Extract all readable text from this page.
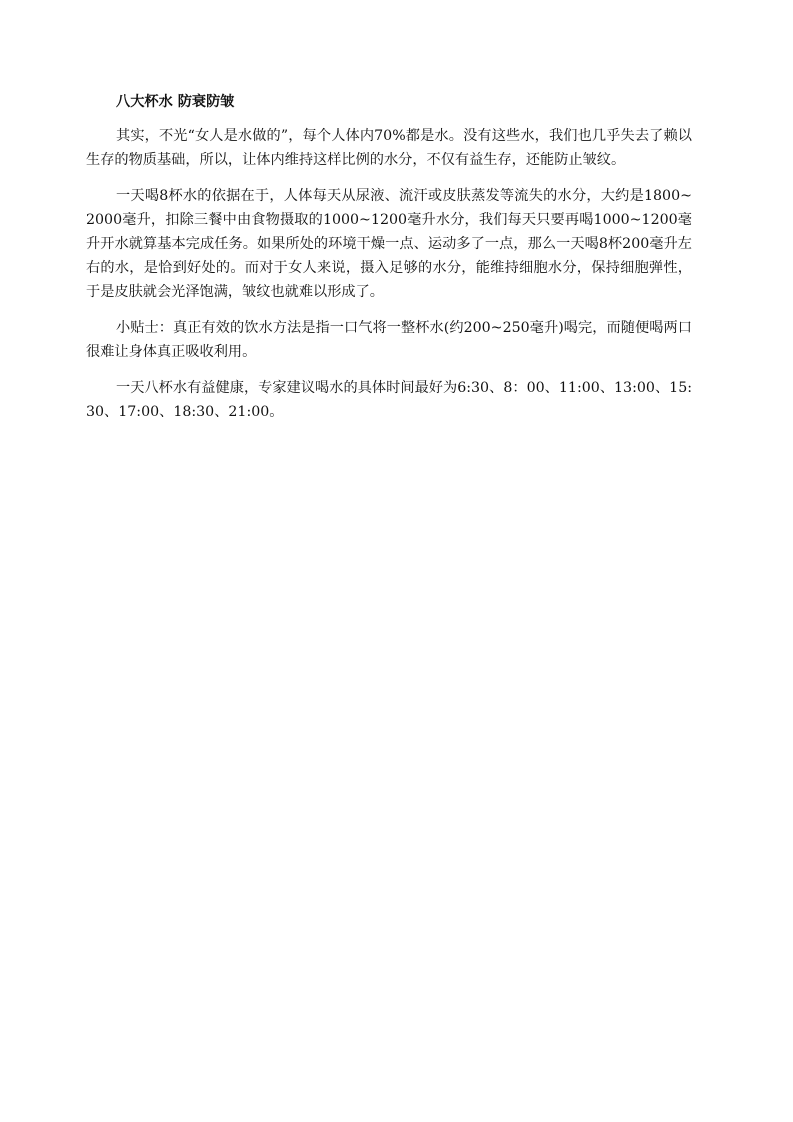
八大杯水 防衰防皱

其实，不光“女人是水做的”，每个人体内70%都是水。没有这些水，我们也几乎失去了赖以生存的物质基础，所以，让体内维持这样比例的水分，不仅有益生存，还能防止皱纹。

一天喝8杯水的依据在于，人体每天从尿液、流汗或皮肤蒸发等流失的水分，大约是1800~2000毫升，扣除三餐中由食物摄取的1000~1200毫升水分，我们每天只要再喝1000~1200毫升开水就算基本完成任务。如果所处的环境干燥一点、运动多了一点，那么一天喝8杯200毫升左右的水，是恰到好处的。而对于女人来说，摄入足够的水分，能维持细胞水分，保持细胞弹性，于是皮肤就会光泽饱满，皱纹也就难以形成了。

小贴士：真正有效的饮水方法是指一口气将一整杯水(约200~250毫升)喝完，而随便喝两口很难让身体真正吸收利用。

一天八杯水有益健康，专家建议喝水的具体时间最好为6:30、8：00、11:00、13:00、15:30、17:00、18:30、21:00。
